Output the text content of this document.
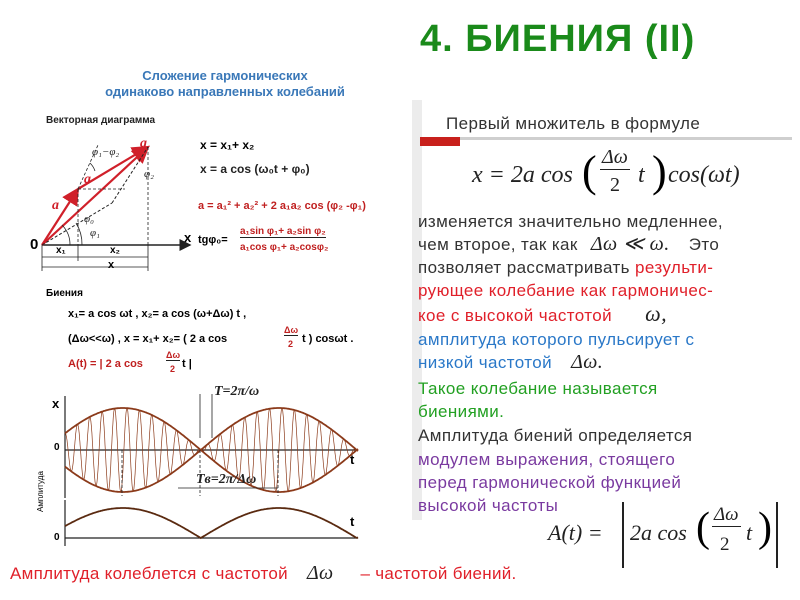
4. БИЕНИЯ (II)
Сложение гармонических
одинаково направленных колебаний
Векторная диаграмма
a
a
a
φ₁−φ₂
φ₂
φ₀
φ₁
0	x
x₁	x₂
x
x = x₁+ x₂
x = a cos (ω₀t + φ₀)
a = a₁² + a₂² + 2 a₁a₂ cos (φ₂ -φ₁)
tgφ₀=
a₁sin φ₁+ a₂sin φ₂
a₁cos φ₁+ a₂cosφ₂
Биения
x₁= a cos ωt , x₂= a cos (ω+Δω) t ,
(Δω<<ω) , x = x₁+ x₂= ( 2 a cos
Δω
2 t ) cosωt .
A(t) = | 2 a cos
Δω
2 t |
x
t
0
T=2π/ω
Tв=2π/Δω
Амплитуда
t
0
Первый множитель в формуле
x = 2a cos ( Δω
2 t ) cos(ωt)
изменяется значительно медленнее,
чем второе, так как Δω ≪ ω. Это
позволяет рассматривать результи-
рующее колебание как гармоничес-
кое с высокой частотой ω,
амплитуда которого пульсирует с
низкой частотой Δω.
Такое колебание называется
биениями.
Амплитуда биений определяется
модулем выражения, стоящего
перед гармонической функцией
высокой частоты
A(t) = 2a cos ( Δω
2 t )
Амплитуда колеблется с частотой Δω – частотой биений.
